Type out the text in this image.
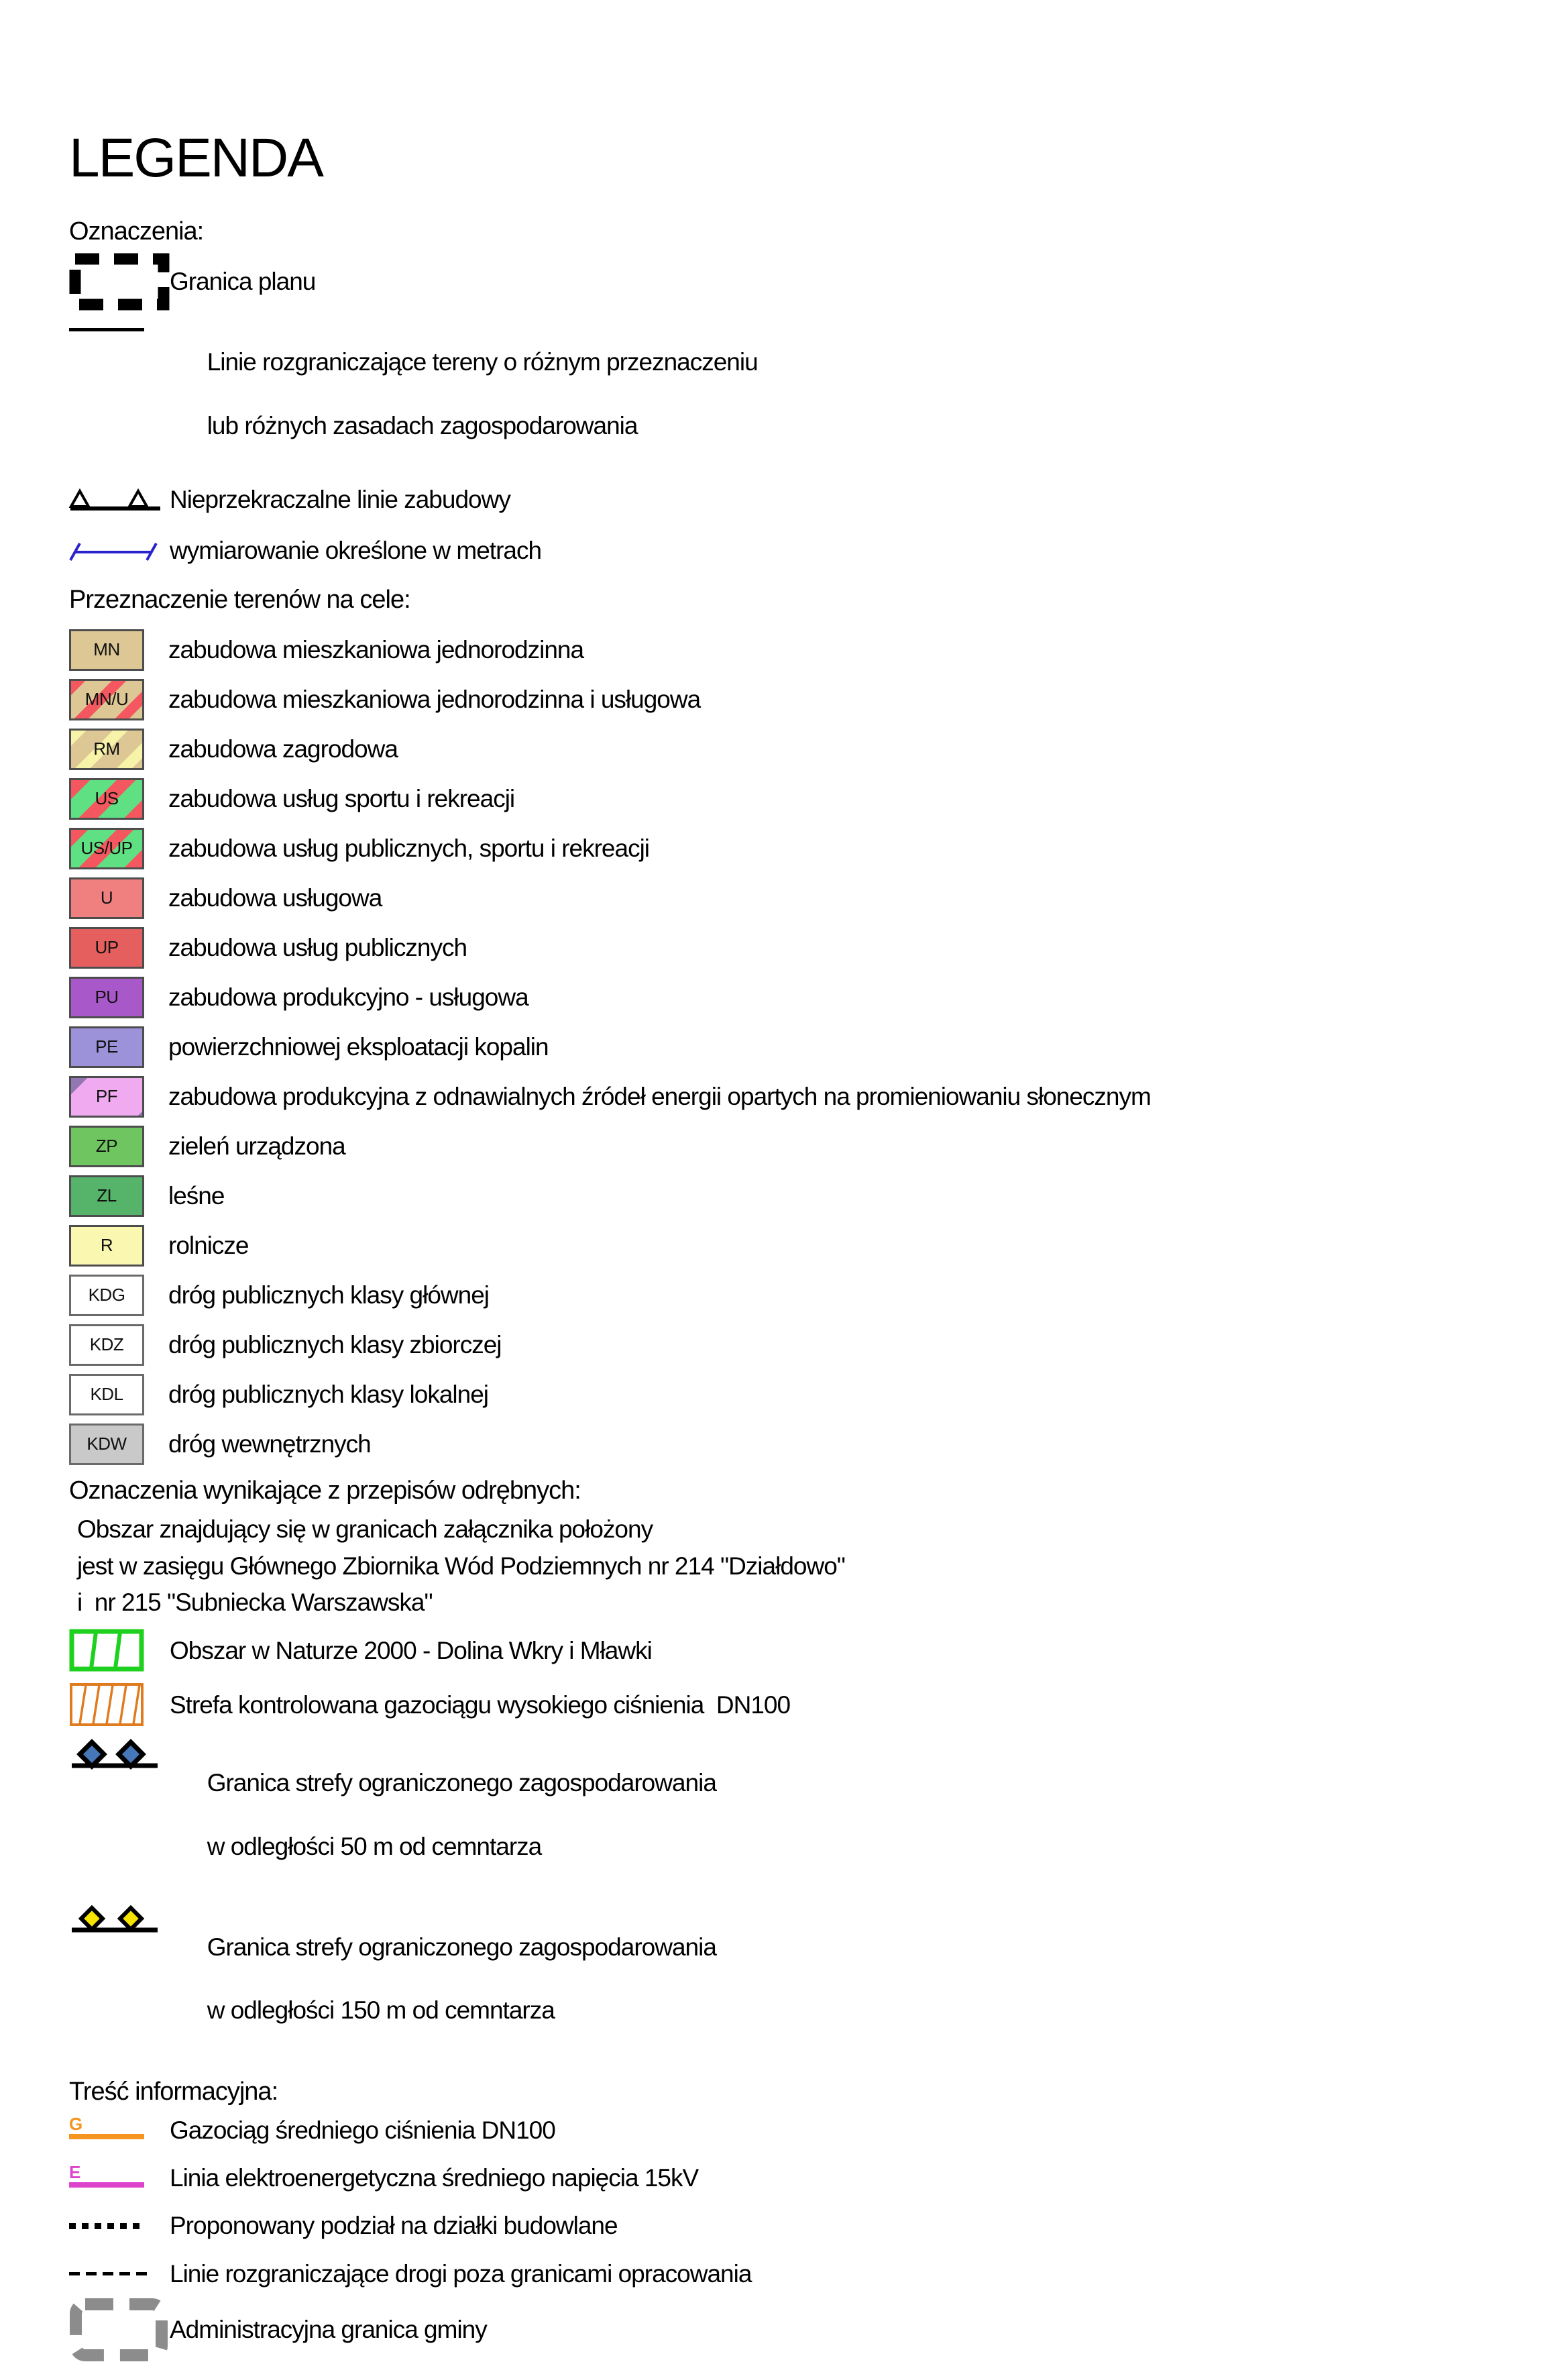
LEGENDA
Oznaczenia:
Granica planu

Linie rozgraniczające tereny o różnym przeznaczeniu

lub różnych zasadach zagospodarowania

Nieprzekraczalne linie zabudowy
wymiarowanie określone w metrach
Przeznaczenie terenów na cele:
MN zabudowa mieszkaniowa jednorodzinna
MN/U zabudowa mieszkaniowa jednorodzinna i usługowa
RM zabudowa zagrodowa
US zabudowa usług sportu i rekreacji
US/UP zabudowa usług publicznych, sportu i rekreacji
U zabudowa usługowa
UP zabudowa usług publicznych
PU zabudowa produkcyjno - usługowa
PE powierzchniowej eksploatacji kopalin
PF zabudowa produkcyjna z odnawialnych źródeł energii opartych na promieniowaniu słonecznym
ZP zieleń urządzona
ZL leśne
R rolnicze
KDG dróg publicznych klasy głównej
KDZ dróg publicznych klasy zbiorczej
KDL dróg publicznych klasy lokalnej
KDW dróg wewnętrznych
Oznaczenia wynikające z przepisów odrębnych:
Obszar znajdujący się w granicach załącznika położony
jest w zasięgu Głównego Zbiornika Wód Podziemnych nr 214 "Działdowo"
i  nr 215 "Subniecka Warszawska"
Obszar w Naturze 2000 - Dolina Wkry i Mławki
Strefa kontrolowana gazociągu wysokiego ciśnienia  DN100

Granica strefy ograniczonego zagospodarowania

w odległości 50 m od cemntarza

Granica strefy ograniczonego zagospodarowania

w odległości 150 m od cemntarza

Treść informacyjna:
G	Gazociąg średniego ciśnienia DN100
E	Linia elektroenergetyczna średniego napięcia 15kV
Proponowany podział na działki budowlane
Linie rozgraniczające drogi poza granicami opracowania
Administracyjna granica gminy
